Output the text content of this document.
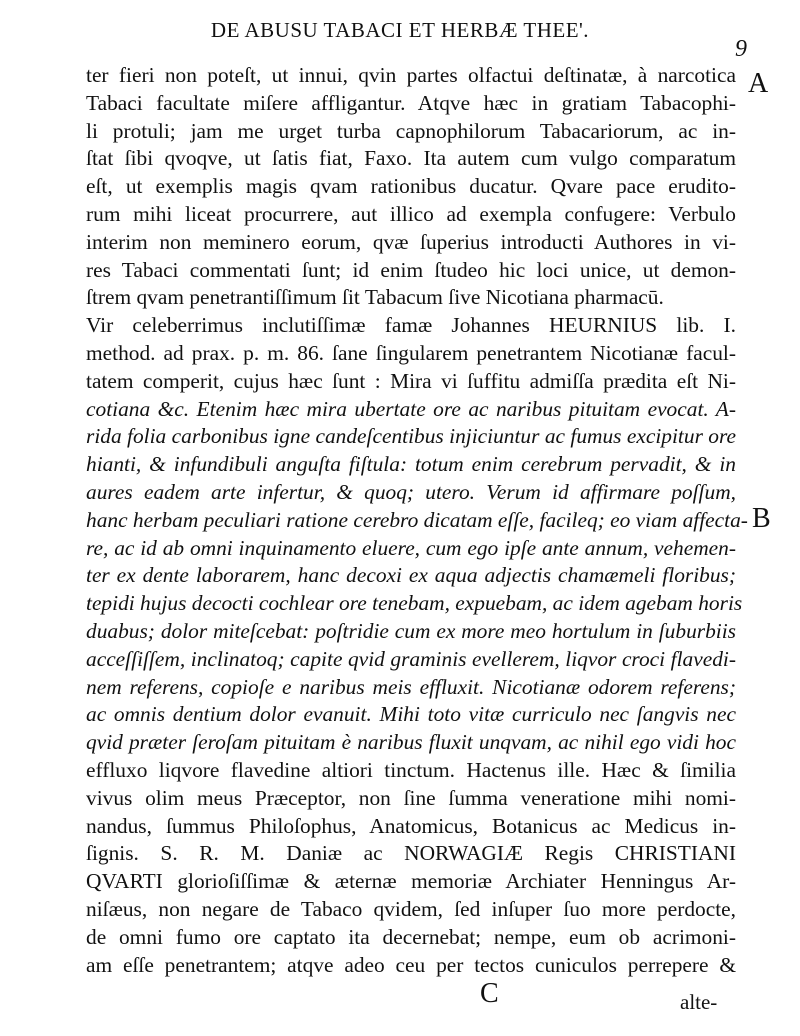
DE ABUSU TABACI ET HERBÆ THEE'.
9
A
B
C
ter fieri non poteſt, ut innui, qvin partes olfactui deſtinatæ, à narcotica
Tabaci facultate miſere affligantur. Atqve hæc in gratiam Tabacophi-
li protuli; jam me urget turba capnophilorum Tabacariorum, ac in-
ſtat ſibi qvoqve, ut ſatis fiat, Faxo. Ita autem cum vulgo comparatum
eſt, ut exemplis magis qvam rationibus ducatur. Qvare pace erudito-
rum mihi liceat procurrere, aut illico ad exempla confugere: Verbulo
interim non meminero eorum, qvæ ſuperius introducti Authores in vi-
res Tabaci commentati ſunt; id enim ſtudeo hic loci unice, ut demon-
ſtrem qvam penetrantiſſimum ſit Tabacum ſive Nicotiana pharmacū.
Vir celeberrimus inclutiſſimæ famæ Johannes HEURNIUS lib. I.
method. ad prax. p. m. 86. ſane ſingularem penetrantem Nicotianæ facul-
tatem comperit, cujus hæc ſunt : Mira vi ſuffitu admiſſa prædita eſt Ni-
cotiana &c. Etenim hæc mira ubertate ore ac naribus pituitam evocat. A-
rida folia carbonibus igne candeſcentibus injiciuntur ac fumus excipitur ore
hianti, & infundibuli anguſta fiſtula: totum enim cerebrum pervadit, & in
aures eadem arte infertur, & quoq; utero. Verum id affirmare poſſum,
hanc herbam peculiari ratione cerebro dicatam eſſe, facileq; eo viam affecta-
re, ac id ab omni inquinamento eluere, cum ego ipſe ante annum, vehemen-
ter ex dente laborarem, hanc decoxi ex aqua adjectis chamæmeli floribus;
tepidi hujus decocti cochlear ore tenebam, expuebam, ac idem agebam horis
duabus; dolor miteſcebat: poſtridie cum ex more meo hortulum in ſuburbiis
acceſſiſſem, inclinatoq; capite qvid graminis evellerem, liqvor croci flavedi-
nem referens, copioſe e naribus meis effluxit. Nicotianæ odorem referens;
ac omnis dentium dolor evanuit. Mihi toto vitæ curriculo nec ſangvis nec
qvid præter ſeroſam pituitam è naribus fluxit unqvam, ac nihil ego vidi hoc
effluxo liqvore flavedine altiori tinctum. Hactenus ille. Hæc & ſimilia
vivus olim meus Præceptor, non ſine ſumma veneratione mihi nomi-
nandus, ſummus Philoſophus, Anatomicus, Botanicus ac Medicus in-
ſignis. S. R. M. Daniæ ac NORWAGIÆ Regis CHRISTIANI
QVARTI glorioſiſſimæ & æternæ memoriæ Archiater Henningus Ar-
niſæus, non negare de Tabaco qvidem, ſed inſuper ſuo more perdocte,
de omni fumo ore captato ita decernebat; nempe, eum ob acrimoni-
am eſſe penetrantem; atqve adeo ceu per tectos cuniculos perrepere &
alte-
